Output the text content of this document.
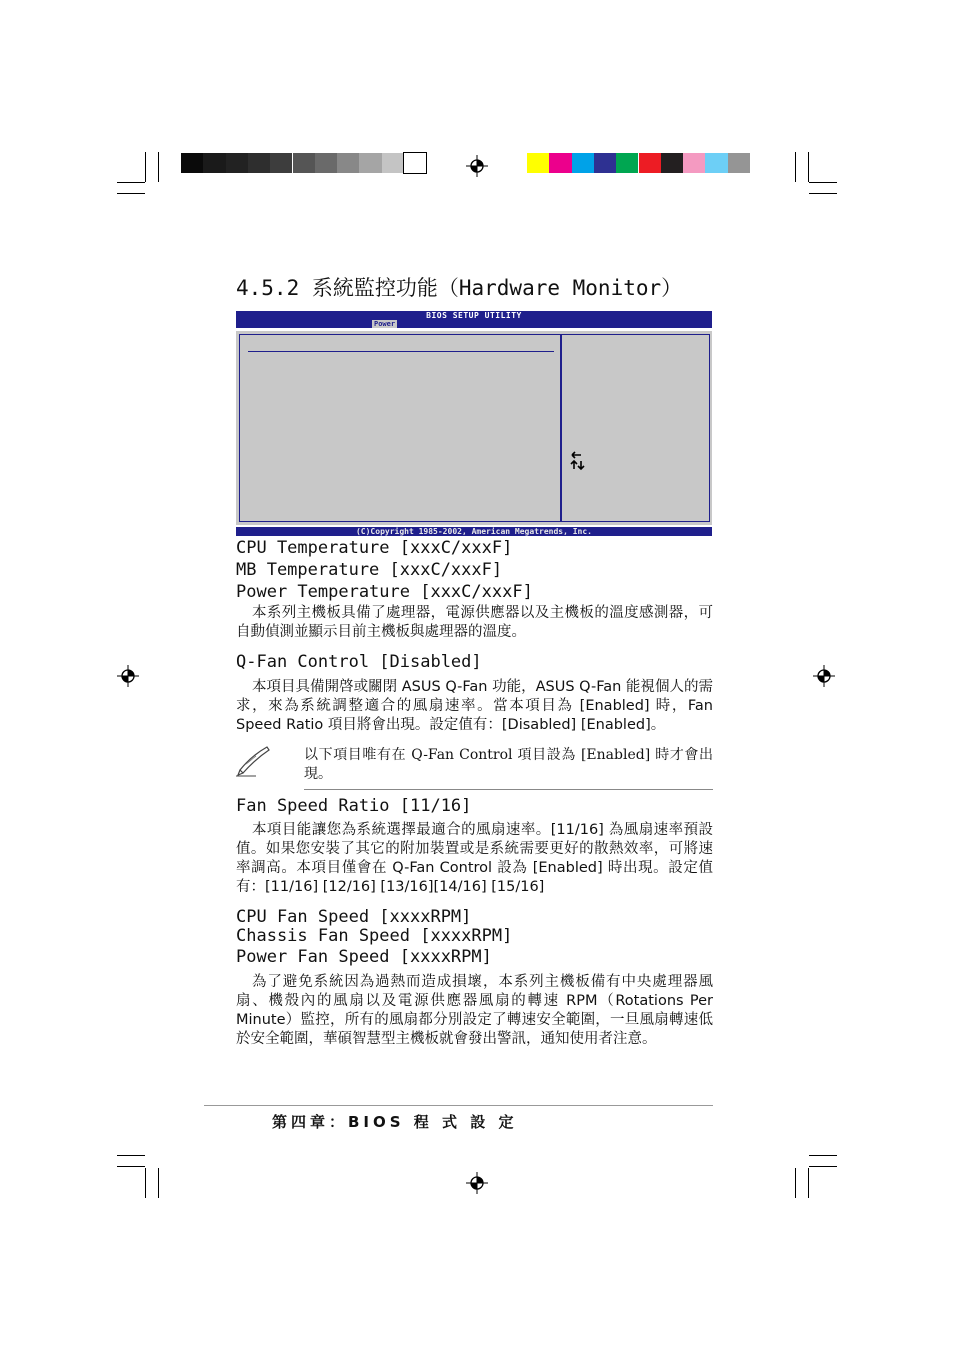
4.5.2 系統監控功能（Hardware Monitor）
BIOS SETUP UTILITY
Power
(C)Copyright 1985-2002, American Megatrends, Inc.
CPU Temperature [xxxC/xxxF]
MB Temperature [xxxC/xxxF]
Power Temperature [xxxC/xxxF]
本系列主機板具備了處理器，電源供應器以及主機板的溫度感測器，可自動偵測並顯示目前主機板與處理器的溫度。
Q-Fan Control [Disabled]
本項目具備開啓或關閉 ASUS Q-Fan 功能，ASUS Q-Fan 能視個人的需求，來為系統調整適合的風扇速率。當本項目為 [Enabled] 時，Fan Speed Ratio 項目將會出現。設定值有：[Disabled] [Enabled]。
以下項目唯有在 Q-Fan Control 項目設為 [Enabled] 時才會出現。
Fan Speed Ratio [11/16]
本項目能讓您為系統選擇最適合的風扇速率。[11/16] 為風扇速率預設值。如果您安裝了其它的附加裝置或是系統需要更好的散熱效率，可將速率調高。本項目僅會在 Q-Fan Control 設為 [Enabled] 時出現。設定值有：[11/16] [12/16] [13/16][14/16] [15/16]
CPU Fan Speed [xxxxRPM]
Chassis Fan Speed [xxxxRPM]
Power Fan Speed [xxxxRPM]
為了避免系統因為過熱而造成損壞，本系列主機板備有中央處理器風扇、機殼內的風扇以及電源供應器風扇的轉速 RPM（Rotations Per Minute）監控，所有的風扇都分別設定了轉速安全範圍，一旦風扇轉速低於安全範圍，華碩智慧型主機板就會發出警訊，通知使用者注意。
第四章：BIOS 程 式 設 定
